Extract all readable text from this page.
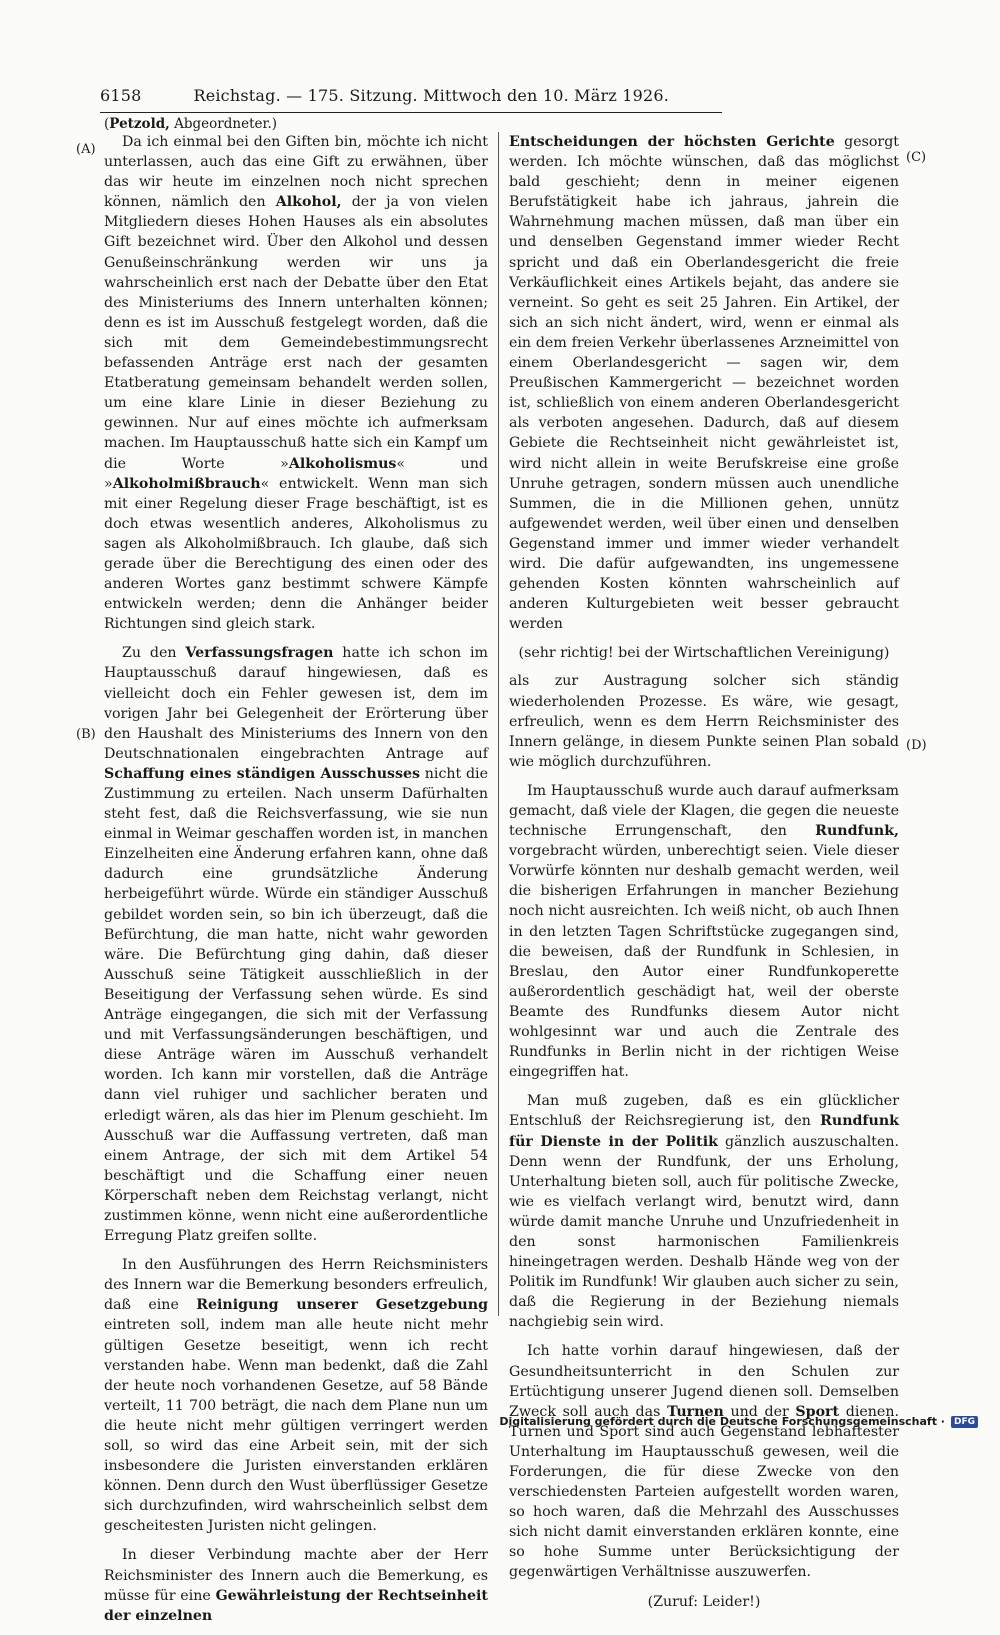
6158	Reichstag. — 175. Sitzung. Mittwoch den 10. März 1926.
(Petzold, Abgeordneter.)
(A)
(B)
(C)
(D)

Da ich einmal bei den Giften bin, möchte ich nicht unterlassen, auch das eine Gift zu erwähnen, über das wir heute im einzelnen noch nicht sprechen können, nämlich den Alkohol, der ja von vielen Mitgliedern dieses Hohen Hauses als ein absolutes Gift bezeichnet wird. Über den Alkohol und dessen Genußeinschränkung werden wir uns ja wahrscheinlich erst nach der Debatte über den Etat des Ministeriums des Innern unterhalten können; denn es ist im Ausschuß festgelegt worden, daß die sich mit dem Gemeindebestimmungsrecht befassenden Anträge erst nach der gesamten Etatberatung gemeinsam behandelt werden sollen, um eine klare Linie in dieser Beziehung zu gewinnen. Nur auf eines möchte ich aufmerksam machen. Im Hauptausschuß hatte sich ein Kampf um die Worte »Alkoholismus« und »Alkoholmißbrauch« entwickelt. Wenn man sich mit einer Regelung dieser Frage beschäftigt, ist es doch etwas wesentlich anderes, Alkoholismus zu sagen als Alkoholmißbrauch. Ich glaube, daß sich gerade über die Berechtigung des einen oder des anderen Wortes ganz bestimmt schwere Kämpfe entwickeln werden; denn die Anhänger beider Richtungen sind gleich stark.

Zu den Verfassungsfragen hatte ich schon im Hauptausschuß darauf hingewiesen, daß es vielleicht doch ein Fehler gewesen ist, dem im vorigen Jahr bei Gelegenheit der Erörterung über den Haushalt des Ministeriums des Innern von den Deutschnationalen eingebrachten Antrage auf Schaffung eines ständigen Ausschusses nicht die Zustimmung zu erteilen. Nach unserm Dafürhalten steht fest, daß die Reichsverfassung, wie sie nun einmal in Weimar geschaffen worden ist, in manchen Einzelheiten eine Änderung erfahren kann, ohne daß dadurch eine grundsätzliche Änderung herbeigeführt würde. Würde ein ständiger Ausschuß gebildet worden sein, so bin ich überzeugt, daß die Befürchtung, die man hatte, nicht wahr geworden wäre. Die Befürchtung ging dahin, daß dieser Ausschuß seine Tätigkeit ausschließlich in der Beseitigung der Verfassung sehen würde. Es sind Anträge eingegangen, die sich mit der Verfassung und mit Verfassungsänderungen beschäftigen, und diese Anträge wären im Ausschuß verhandelt worden. Ich kann mir vorstellen, daß die Anträge dann viel ruhiger und sachlicher beraten und erledigt wären, als das hier im Plenum geschieht. Im Ausschuß war die Auffassung vertreten, daß man einem Antrage, der sich mit dem Artikel 54 beschäftigt und die Schaffung einer neuen Körperschaft neben dem Reichstag verlangt, nicht zustimmen könne, wenn nicht eine außerordentliche Erregung Platz greifen sollte.

In den Ausführungen des Herrn Reichsministers des Innern war die Bemerkung besonders erfreulich, daß eine Reinigung unserer Gesetzgebung eintreten soll, indem man alle heute nicht mehr gültigen Gesetze beseitigt, wenn ich recht verstanden habe. Wenn man bedenkt, daß die Zahl der heute noch vorhandenen Gesetze, auf 58 Bände verteilt, 11 700 beträgt, die nach dem Plane nun um die heute nicht mehr gültigen verringert werden soll, so wird das eine Arbeit sein, mit der sich insbesondere die Juristen einverstanden erklären können. Denn durch den Wust überflüssiger Gesetze sich durchzufinden, wird wahrscheinlich selbst dem gescheitesten Juristen nicht gelingen.

In dieser Verbindung machte aber der Herr Reichsminister des Innern auch die Bemerkung, es müsse für eine Gewährleistung der Rechtseinheit der einzelnen

Entscheidungen der höchsten Gerichte gesorgt werden. Ich möchte wünschen, daß das möglichst bald geschieht; denn in meiner eigenen Berufstätigkeit habe ich jahraus, jahrein die Wahrnehmung machen müssen, daß man über ein und denselben Gegenstand immer wieder Recht spricht und daß ein Oberlandesgericht die freie Verkäuflichkeit eines Artikels bejaht, das andere sie verneint. So geht es seit 25 Jahren. Ein Artikel, der sich an sich nicht ändert, wird, wenn er einmal als ein dem freien Verkehr überlassenes Arzneimittel von einem Oberlandesgericht — sagen wir, dem Preußischen Kammergericht — bezeichnet worden ist, schließlich von einem anderen Oberlandesgericht als verboten angesehen. Dadurch, daß auf diesem Gebiete die Rechtseinheit nicht gewährleistet ist, wird nicht allein in weite Berufskreise eine große Unruhe getragen, sondern müssen auch unendliche Summen, die in die Millionen gehen, unnütz aufgewendet werden, weil über einen und denselben Gegenstand immer und immer wieder verhandelt wird. Die dafür aufgewandten, ins ungemessene gehenden Kosten könnten wahrscheinlich auf anderen Kulturgebieten weit besser gebraucht werden

(sehr richtig! bei der Wirtschaftlichen Vereinigung)

als zur Austragung solcher sich ständig wiederholenden Prozesse. Es wäre, wie gesagt, erfreulich, wenn es dem Herrn Reichsminister des Innern gelänge, in diesem Punkte seinen Plan sobald wie möglich durchzuführen.

Im Hauptausschuß wurde auch darauf aufmerksam gemacht, daß viele der Klagen, die gegen die neueste technische Errungenschaft, den Rundfunk, vorgebracht würden, unberechtigt seien. Viele dieser Vorwürfe könnten nur deshalb gemacht werden, weil die bisherigen Erfahrungen in mancher Beziehung noch nicht ausreichten. Ich weiß nicht, ob auch Ihnen in den letzten Tagen Schriftstücke zugegangen sind, die beweisen, daß der Rundfunk in Schlesien, in Breslau, den Autor einer Rundfunkoperette außerordentlich geschädigt hat, weil der oberste Beamte des Rundfunks diesem Autor nicht wohlgesinnt war und auch die Zentrale des Rundfunks in Berlin nicht in der richtigen Weise eingegriffen hat.

Man muß zugeben, daß es ein glücklicher Entschluß der Reichsregierung ist, den Rundfunk für Dienste in der Politik gänzlich auszuschalten. Denn wenn der Rundfunk, der uns Erholung, Unterhaltung bieten soll, auch für politische Zwecke, wie es vielfach verlangt wird, benutzt wird, dann würde damit manche Unruhe und Unzufriedenheit in den sonst harmonischen Familienkreis hineingetragen werden. Deshalb Hände weg von der Politik im Rundfunk! Wir glauben auch sicher zu sein, daß die Regierung in der Beziehung niemals nachgiebig sein wird.

Ich hatte vorhin darauf hingewiesen, daß der Gesundheitsunterricht in den Schulen zur Ertüchtigung unserer Jugend dienen soll. Demselben Zweck soll auch das Turnen und der Sport dienen. Turnen und Sport sind auch Gegenstand lebhaftester Unterhaltung im Hauptausschuß gewesen, weil die Forderungen, die für diese Zwecke von den verschiedensten Parteien aufgestellt worden waren, so hoch waren, daß die Mehrzahl des Ausschusses sich nicht damit einverstanden erklären konnte, eine so hohe Summe unter Berücksichtigung der gegenwärtigen Verhältnisse auszuwerfen.

(Zuruf: Leider!)

Digitalisierung gefördert durch die Deutsche Forschungsgemeinschaft ·	DFG
